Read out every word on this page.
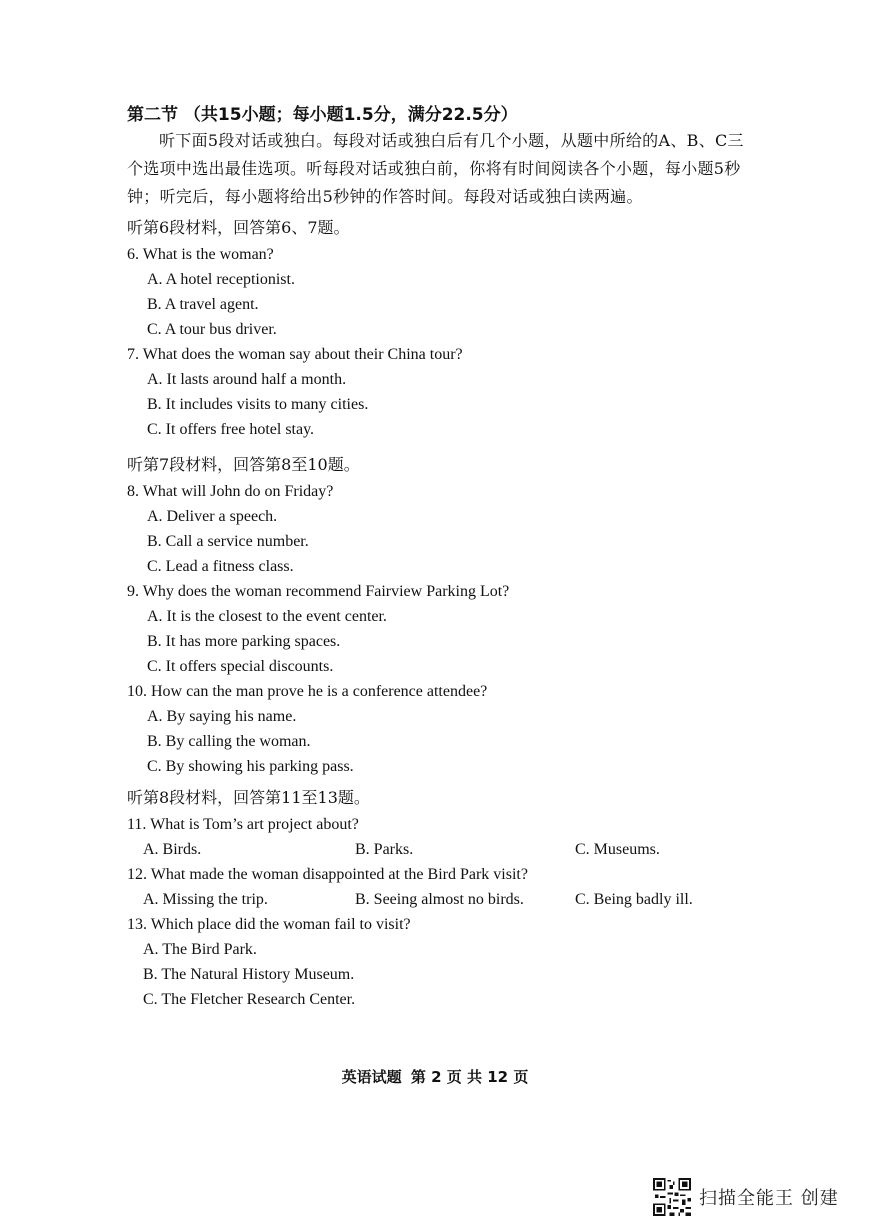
第二节 （共15小题；每小题1.5分，满分22.5分）
听下面5段对话或独白。每段对话或独白后有几个小题，从题中所给的A、B、C三个选项中选出最佳选项。听每段对话或独白前，你将有时间阅读各个小题，每小题5秒钟；听完后，每小题将给出5秒钟的作答时间。每段对话或独白读两遍。
听第6段材料，回答第6、7题。
6. What is the woman?
A. A hotel receptionist.
B. A travel agent.
C. A tour bus driver.
7. What does the woman say about their China tour?
A. It lasts around half a month.
B. It includes visits to many cities.
C. It offers free hotel stay.
听第7段材料，回答第8至10题。
8. What will John do on Friday?
A. Deliver a speech.
B. Call a service number.
C. Lead a fitness class.
9. Why does the woman recommend Fairview Parking Lot?
A. It is the closest to the event center.
B. It has more parking spaces.
C. It offers special discounts.
10. How can the man prove he is a conference attendee?
A. By saying his name.
B. By calling the woman.
C. By showing his parking pass.
听第8段材料，回答第11至13题。
11. What is Tom’s art project about?
A. Birds.	B. Parks.	C. Museums.
12. What made the woman disappointed at the Bird Park visit?
A. Missing the trip.	B. Seeing almost no birds.	C. Being badly ill.
13. Which place did the woman fail to visit?
A. The Bird Park.
B. The Natural History Museum.
C. The Fletcher Research Center.
英语试题 第 2 页 共 12 页
扫描全能王 创建
